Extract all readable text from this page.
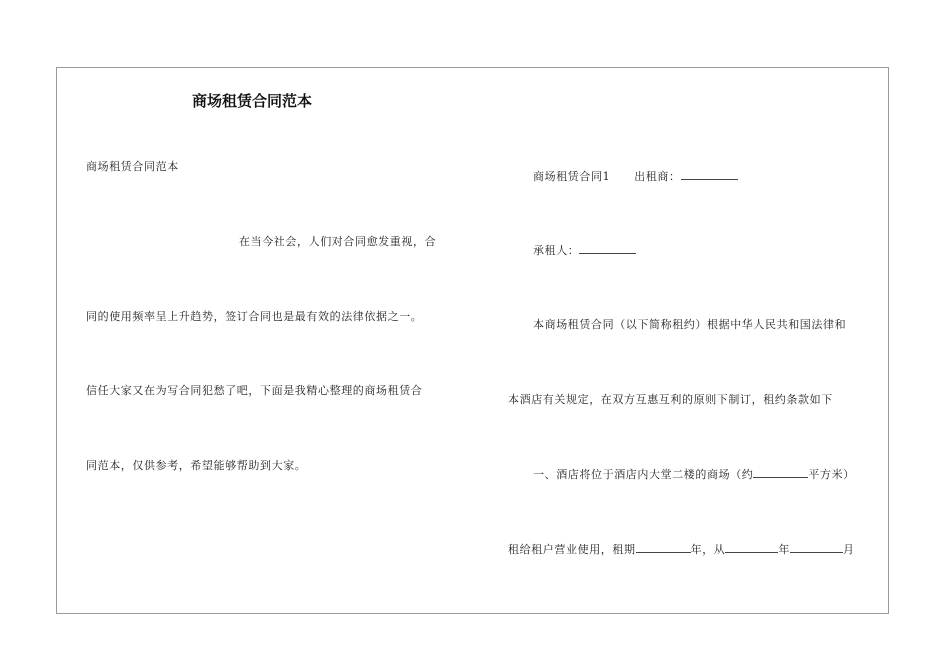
商场租赁合同范本
商场租赁合同范本
在当今社会，人们对合同愈发重视，合
同的使用频率呈上升趋势，签订合同也是最有效的法律依据之一。
信任大家又在为写合同犯愁了吧，下面是我精心整理的商场租赁合
同范本，仅供参考，希望能够帮助到大家。
商场租赁合同1 出租商：
承租人：
本商场租赁合同（以下简称租约）根据中华人民共和国法律和
本酒店有关规定，在双方互惠互利的原则下制订，租约条款如下
一、酒店将位于酒店内大堂二楼的商场（约	平方米）
租给租户营业使用，租期	年，从	年	月
